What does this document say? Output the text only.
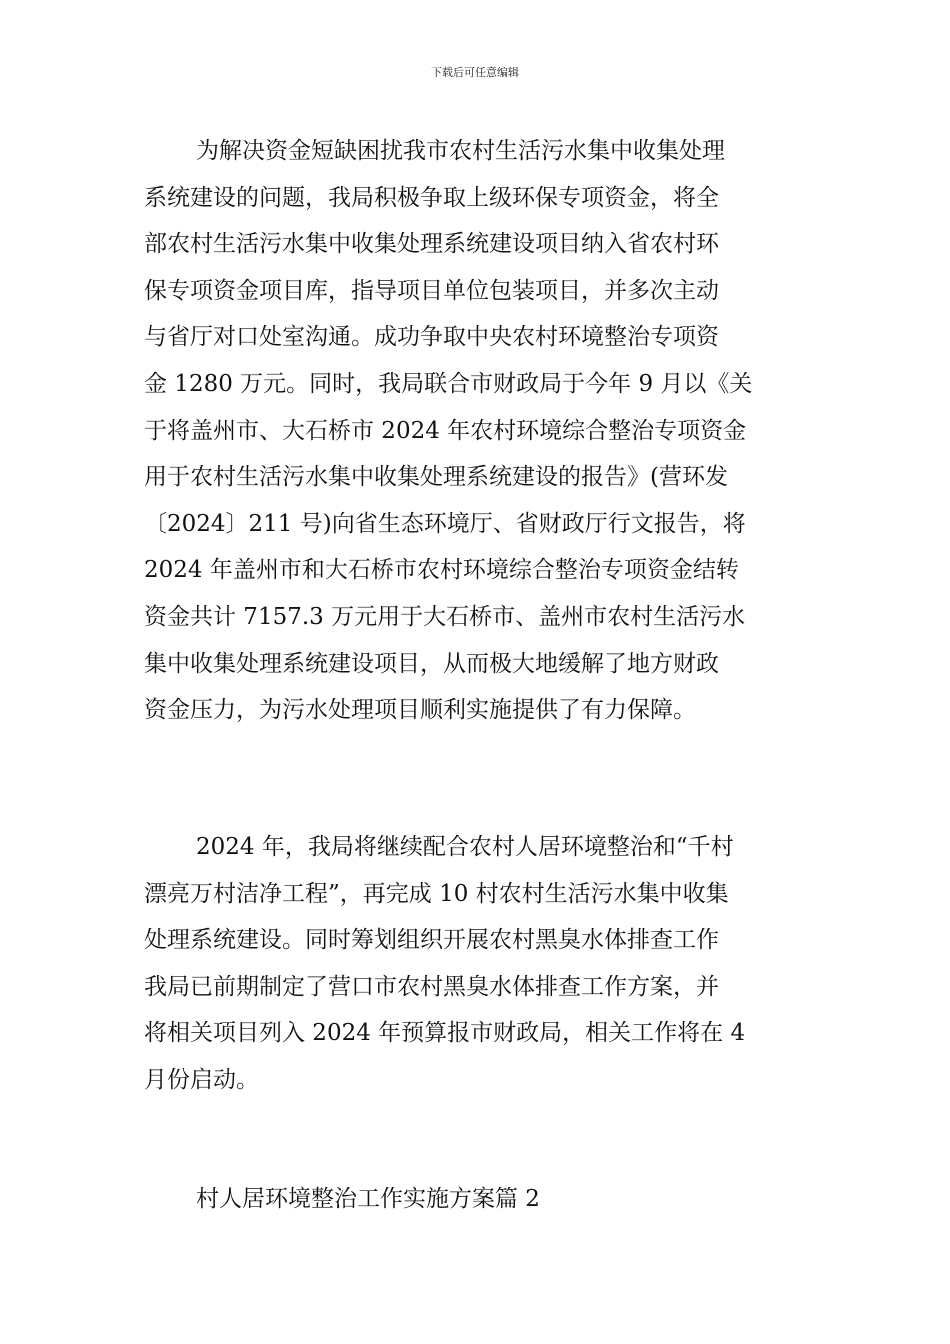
下载后可任意编辑
为解决资金短缺困扰我市农村生活污水集中收集处理
系统建设的问题，我局积极争取上级环保专项资金，将全
部农村生活污水集中收集处理系统建设项目纳入省农村环
保专项资金项目库，指导项目单位包装项目，并多次主动
与省厅对口处室沟通。成功争取中央农村环境整治专项资
金 1280 万元。同时，我局联合市财政局于今年 9 月以《关
于将盖州市、大石桥市 2024 年农村环境综合整治专项资金
用于农村生活污水集中收集处理系统建设的报告》(营环发
〔2024〕211 号)向省生态环境厅、省财政厅行文报告，将
2024 年盖州市和大石桥市农村环境综合整治专项资金结转
资金共计 7157.3 万元用于大石桥市、盖州市农村生活污水
集中收集处理系统建设项目，从而极大地缓解了地方财政
资金压力，为污水处理项目顺利实施提供了有力保障。
2024 年，我局将继续配合农村人居环境整治和“千村
漂亮万村洁净工程”，再完成 10 村农村生活污水集中收集
处理系统建设。同时筹划组织开展农村黑臭水体排查工作
我局已前期制定了营口市农村黑臭水体排查工作方案，并
将相关项目列入 2024 年预算报市财政局，相关工作将在 4
月份启动。
村人居环境整治工作实施方案篇 2
